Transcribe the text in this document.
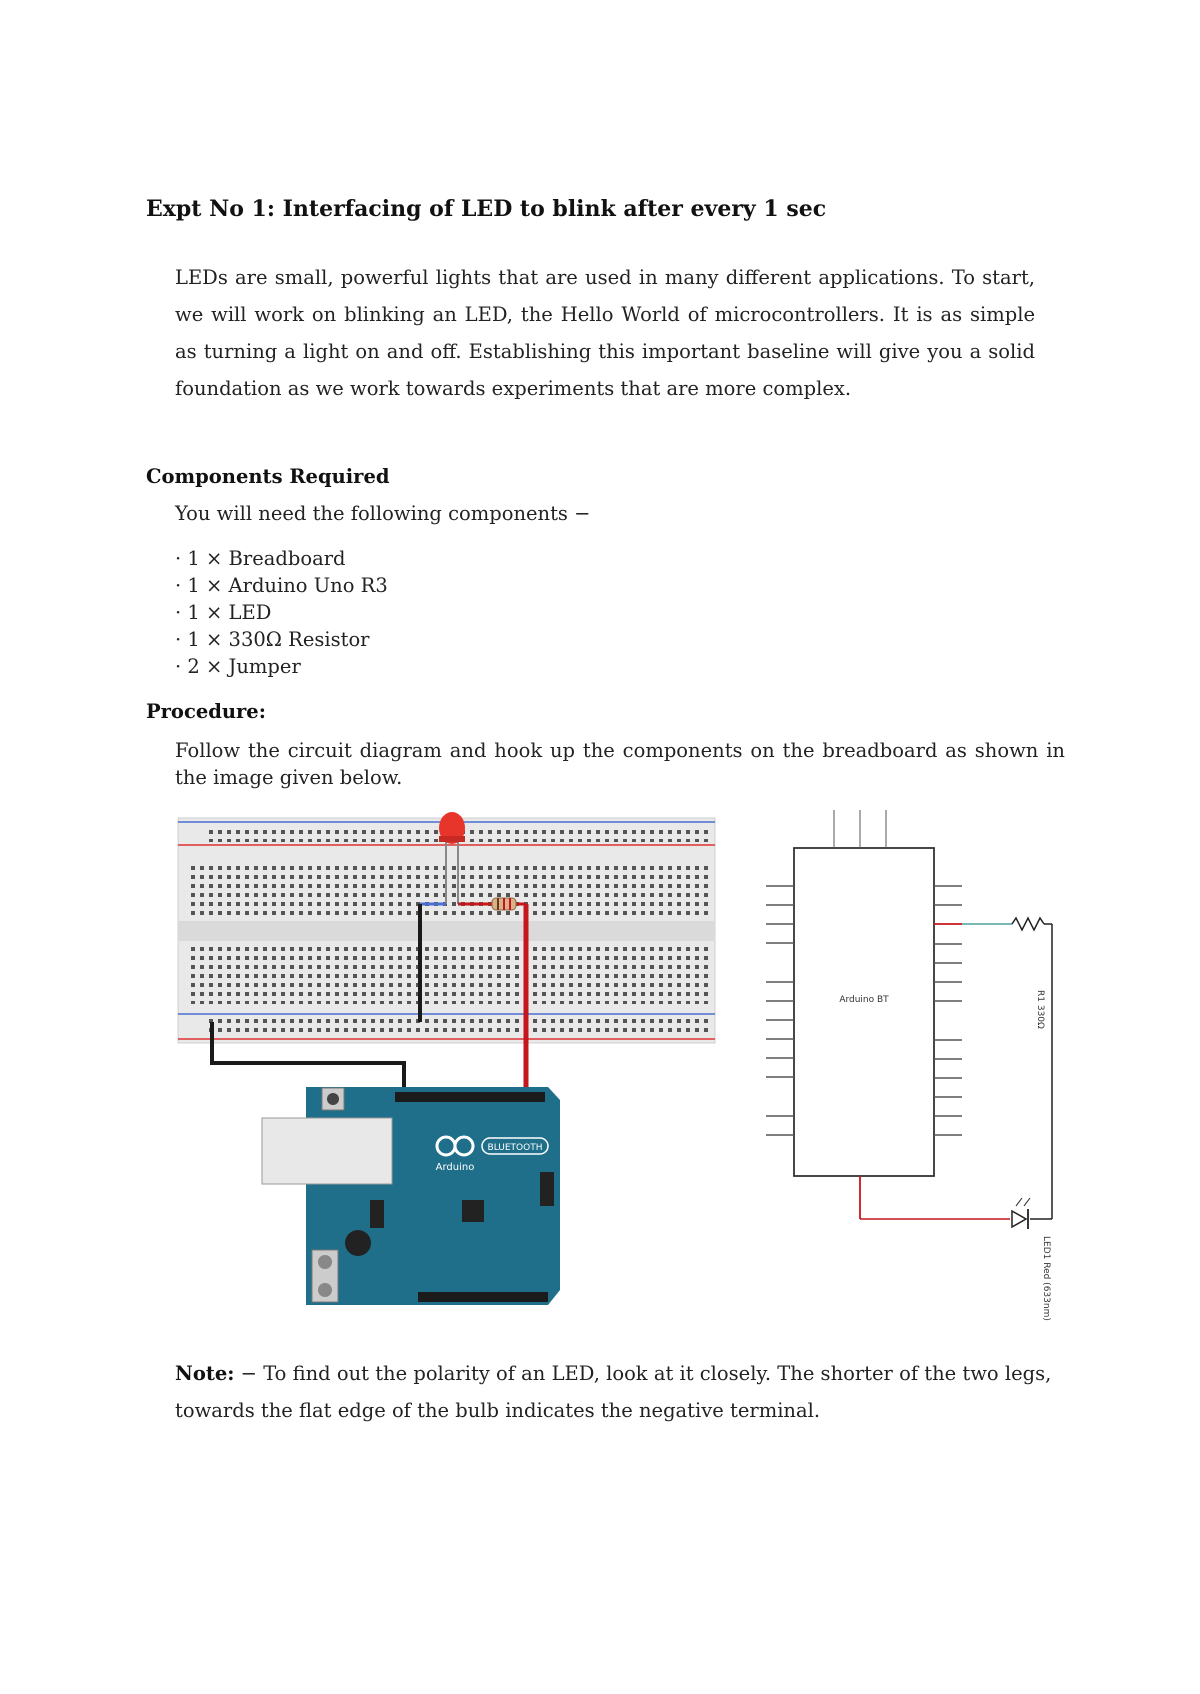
Expt No 1: Interfacing of LED to blink after every 1 sec

LEDs are small, powerful lights that are used in many different applications. To start, we will work on blinking an LED, the Hello World of microcontrollers. It is as simple as turning a light on and off. Establishing this important baseline will give you a solid foundation as we work towards experiments that are more complex.

Components Required

You will need the following components −

· 1 × Breadboard
· 1 × Arduino Uno R3
· 1 × LED
· 1 × 330Ω Resistor
· 2 × Jumper
Procedure:

Follow the circuit diagram and hook up the components on the breadboard as shown in the image given below.

BLUETOOTH
Arduino
Arduino BT	R1 330Ω
LED1 Red (633nm)

Note: − To find out the polarity of an LED, look at it closely. The shorter of the two legs, towards the flat edge of the bulb indicates the negative terminal.
